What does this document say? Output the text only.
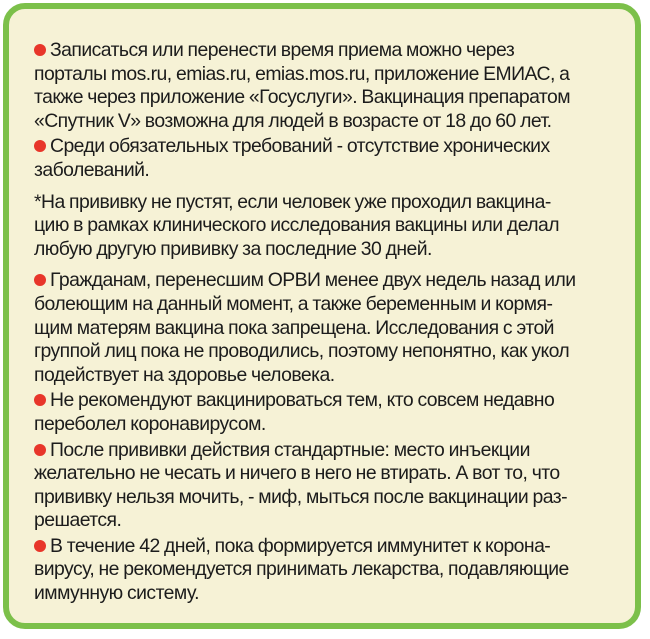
Записаться или перенести время приема можно через
порталы mos.ru, emias.ru, emias.mos.ru, приложение ЕМИАС, а
также через приложение «Госуслуги». Вакцинация препаратом
«Спутник V» возможна для людей в возрасте от 18 до 60 лет.
Среди обязательных требований - отсутствие хронических
заболеваний.
*На прививку не пустят, если человек уже проходил вакцина-
цию в рамках клинического исследования вакцины или делал
любую другую прививку за последние 30 дней.
Гражданам, перенесшим ОРВИ менее двух недель назад или
болеющим на данный момент, а также беременным и кормя-
щим матерям вакцина пока запрещена. Исследования с этой
группой лиц пока не проводились, поэтому непонятно, как укол
подействует на здоровье человека.
Не рекомендуют вакцинироваться тем, кто совсем недавно
переболел коронавирусом.
После прививки действия стандартные: место инъекции
желательно не чесать и ничего в него не втирать. А вот то, что
прививку нельзя мочить, - миф, мыться после вакцинации раз-
решается.
В течение 42 дней, пока формируется иммунитет к корона-
вирусу, не рекомендуется принимать лекарства, подавляющие
иммунную систему.
